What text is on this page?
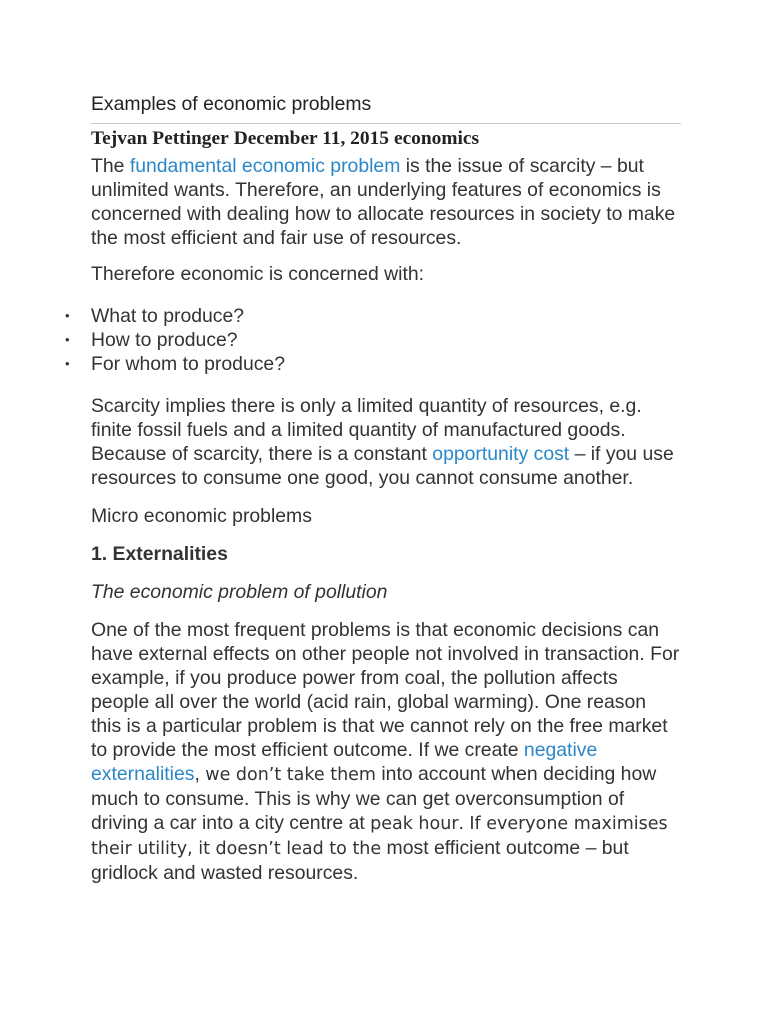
Examples of economic problems
Tejvan Pettinger December 11, 2015 economics

The fundamental economic problem is the issue of scarcity – but unlimited wants. Therefore, an underlying features of economics is concerned with dealing how to allocate resources in society to make the most efficient and fair use of resources.

Therefore economic is concerned with:

• What to produce?
• How to produce?
• For whom to produce?

Scarcity implies there is only a limited quantity of resources, e.g. finite fossil fuels and a limited quantity of manufactured goods. Because of scarcity, there is a constant opportunity cost – if you use resources to consume one good, you cannot consume another.

Micro economic problems

1. Externalities

The economic problem of pollution

One of the most frequent problems is that economic decisions can have external effects on other people not involved in transaction. For example, if you produce power from coal, the pollution affects people all over the world (acid rain, global warming). One reason this is a particular problem is that we cannot rely on the free market to provide the most efficient outcome. If we create negative externalities, we don’t take them into account when deciding how much to consume. This is why we can get overconsumption of driving a car into a city centre at peak hour. If everyone maximises their utility, it doesn’t lead to the most efficient outcome – but gridlock and wasted resources.
